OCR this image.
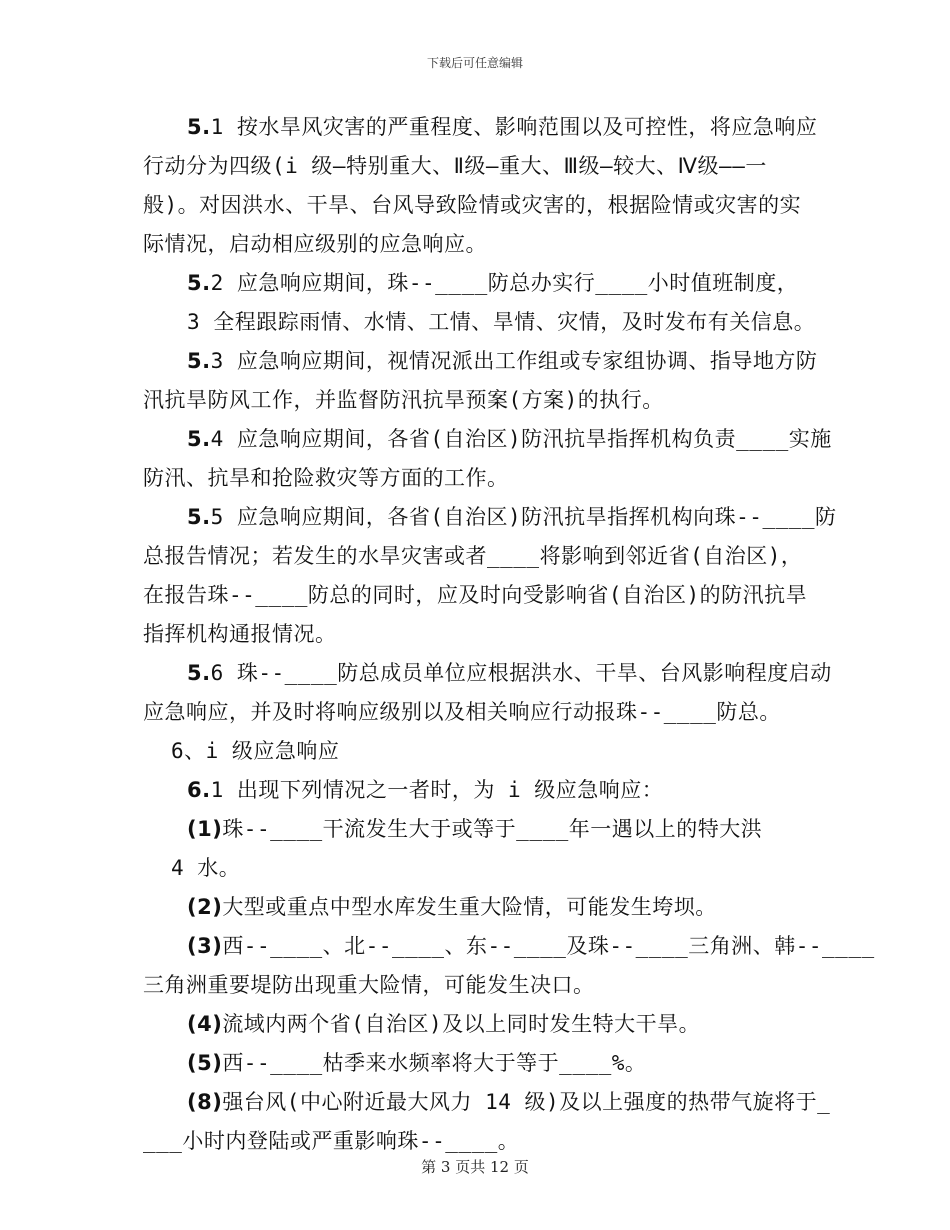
下载后可任意编辑
5.1 按水旱风灾害的严重程度、影响范围以及可控性，将应急响应
行动分为四级(i 级—特别重大、Ⅱ级—重大、Ⅲ级—较大、Ⅳ级——一
般)。对因洪水、干旱、台风导致险情或灾害的，根据险情或灾害的实
际情况，启动相应级别的应急响应。
5.2 应急响应期间，珠--____防总办实行____小时值班制度，
3 全程跟踪雨情、水情、工情、旱情、灾情，及时发布有关信息。
5.3 应急响应期间，视情况派出工作组或专家组协调、指导地方防
汛抗旱防风工作，并监督防汛抗旱预案(方案)的执行。
5.4 应急响应期间，各省(自治区)防汛抗旱指挥机构负责____实施
防汛、抗旱和抢险救灾等方面的工作。
5.5 应急响应期间，各省(自治区)防汛抗旱指挥机构向珠--____防
总报告情况；若发生的水旱灾害或者____将影响到邻近省(自治区)，
在报告珠--____防总的同时，应及时向受影响省(自治区)的防汛抗旱
指挥机构通报情况。
5.6 珠--____防总成员单位应根据洪水、干旱、台风影响程度启动
应急响应，并及时将响应级别以及相关响应行动报珠--____防总。
6、i 级应急响应
6.1 出现下列情况之一者时，为 i 级应急响应：
(1)珠--____干流发生大于或等于____年一遇以上的特大洪
4 水。
(2)大型或重点中型水库发生重大险情，可能发生垮坝。
(3)西--____、北--____、东--____及珠--____三角洲、韩--____
三角洲重要堤防出现重大险情，可能发生决口。
(4)流域内两个省(自治区)及以上同时发生特大干旱。
(5)西--____枯季来水频率将大于等于____%。
(8)强台风(中心附近最大风力 14 级)及以上强度的热带气旋将于_
___小时内登陆或严重影响珠--____。
第 3 页共 12 页
